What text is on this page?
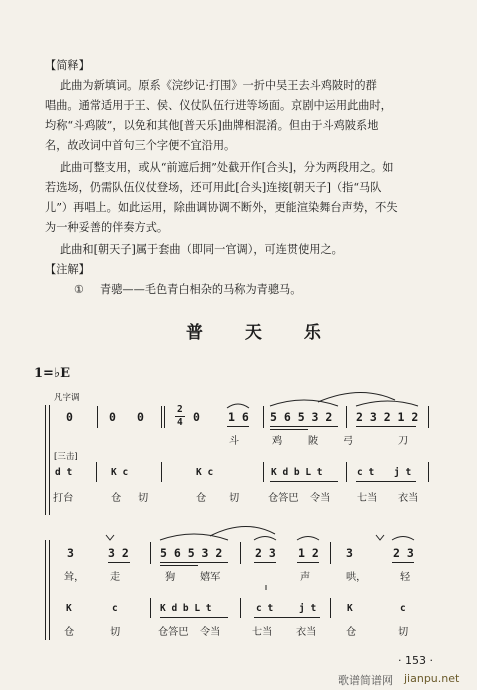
【简释】
此曲为新填词。原系《浣纱记·打围》一折中吴王去斗鸡陂时的群
唱曲。通常适用于王、侯、仪仗队伍行进等场面。京剧中运用此曲时，
均称“斗鸡陂”，以免和其他[普天乐]曲牌相混淆。但由于斗鸡陂系地
名，故改词中首句三个字便不宜沿用。
此曲可整支用，或从“前遮后拥”处截开作[合头]，分为两段用之。如
若选场，仍需队伍仪仗登场，还可用此[合头]连接[朝天子]（指“马队
儿”）再唱上。如此运用，除曲调协调不断外，更能渲染舞台声势，不失
为一种妥善的伴奏方式。
此曲和[朝天子]属于套曲（即同一官调），可连贯使用之。
【注解】
① 青骢——毛色青白相杂的马称为青骢马。
普 天 乐
1=♭E
凡字调
0	0 0
2
4 0 1 6 5 6 5 3 2 2 3 2 1 2
斗	鸡	陂 弓	刀
[三击]
d t	K c	K c	K d b L t	c t j t
打台	仓 切	仓 切	仓答巴 令当	七当 衣当
3	3 2	5 6 5 3 2	2 3 1 2 3	2 3
耸，	走	狗 嬉军	声	哄，	轻
K	c	K d b L t	c t	j t	K	c
仓	切	仓答巴 令当	七当 衣当	仓	切
· 153 ·
歌谱简谱网 jianpu.net
